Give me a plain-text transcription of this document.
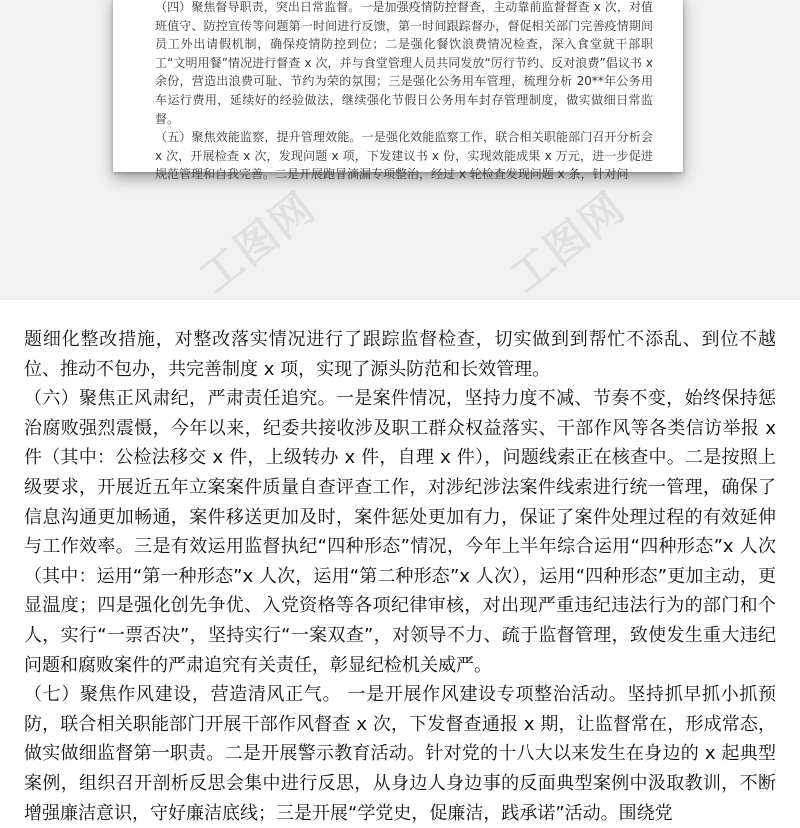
（四）聚焦督导职责，突出日常监督。一是加强疫情防控督查，主动靠前监督督查 x 次，对值班值守、防控宣传等问题第一时间进行反馈，第一时间跟踪督办，督促相关部门完善疫情期间员工外出请假机制，确保疫情防控到位；二是强化餐饮浪费情况检查，深入食堂就干部职工“文明用餐”情况进行督查 x 次，并与食堂管理人员共同发放“厉行节约、反对浪费”倡议书 x 余份，营造出浪费可耻、节约为荣的氛围；三是强化公务用车管理，梳理分析 20**年公务用车运行费用，延续好的经验做法，继续强化节假日公务用车封存管理制度，做实做细日常监督。

（五）聚焦效能监察，提升管理效能。一是强化效能监察工作，联合相关职能部门召开分析会 x 次，开展检查 x 次，发现问题 x 项，下发建议书 x 份，实现效能成果 x 万元，进一步促进规范管理和自我完善。二是开展跑冒滴漏专项整治，经过 x 轮检查发现问题 x 条，针对问

工图网	工图网

题细化整改措施，对整改落实情况进行了跟踪监督检查，切实做到到帮忙不添乱、到位不越位、推动不包办，共完善制度 x 项，实现了源头防范和长效管理。

（六）聚焦正风肃纪，严肃责任追究。一是案件情况，坚持力度不减、节奏不变，始终保持惩治腐败强烈震慑，今年以来，纪委共接收涉及职工群众权益落实、干部作风等各类信访举报 x 件（其中：公检法移交 x 件，上级转办 x 件，自理 x 件），问题线索正在核查中。二是按照上级要求，开展近五年立案案件质量自查评查工作，对涉纪涉法案件线索进行统一管理，确保了信息沟通更加畅通，案件移送更加及时，案件惩处更加有力，保证了案件处理过程的有效延伸与工作效率。三是有效运用监督执纪“四种形态”情况，今年上半年综合运用“四种形态”x 人次（其中：运用“第一种形态”x 人次，运用“第二种形态”x 人次），运用“四种形态”更加主动，更显温度；四是强化创先争优、入党资格等各项纪律审核，对出现严重违纪违法行为的部门和个人，实行“一票否决”，坚持实行“一案双查”，对领导不力、疏于监督管理，致使发生重大违纪问题和腐败案件的严肃追究有关责任，彰显纪检机关威严。

（七）聚焦作风建设，营造清风正气。 一是开展作风建设专项整治活动。坚持抓早抓小抓预防，联合相关职能部门开展干部作风督查 x 次，下发督查通报 x 期，让监督常在，形成常态，做实做细监督第一职责。二是开展警示教育活动。针对党的十八大以来发生在身边的 x 起典型案例，组织召开剖析反思会集中进行反思，从身边人身边事的反面典型案例中汲取教训，不断增强廉洁意识，守好廉洁底线；三是开展“学党史，促廉洁，践承诺”活动。围绕党
